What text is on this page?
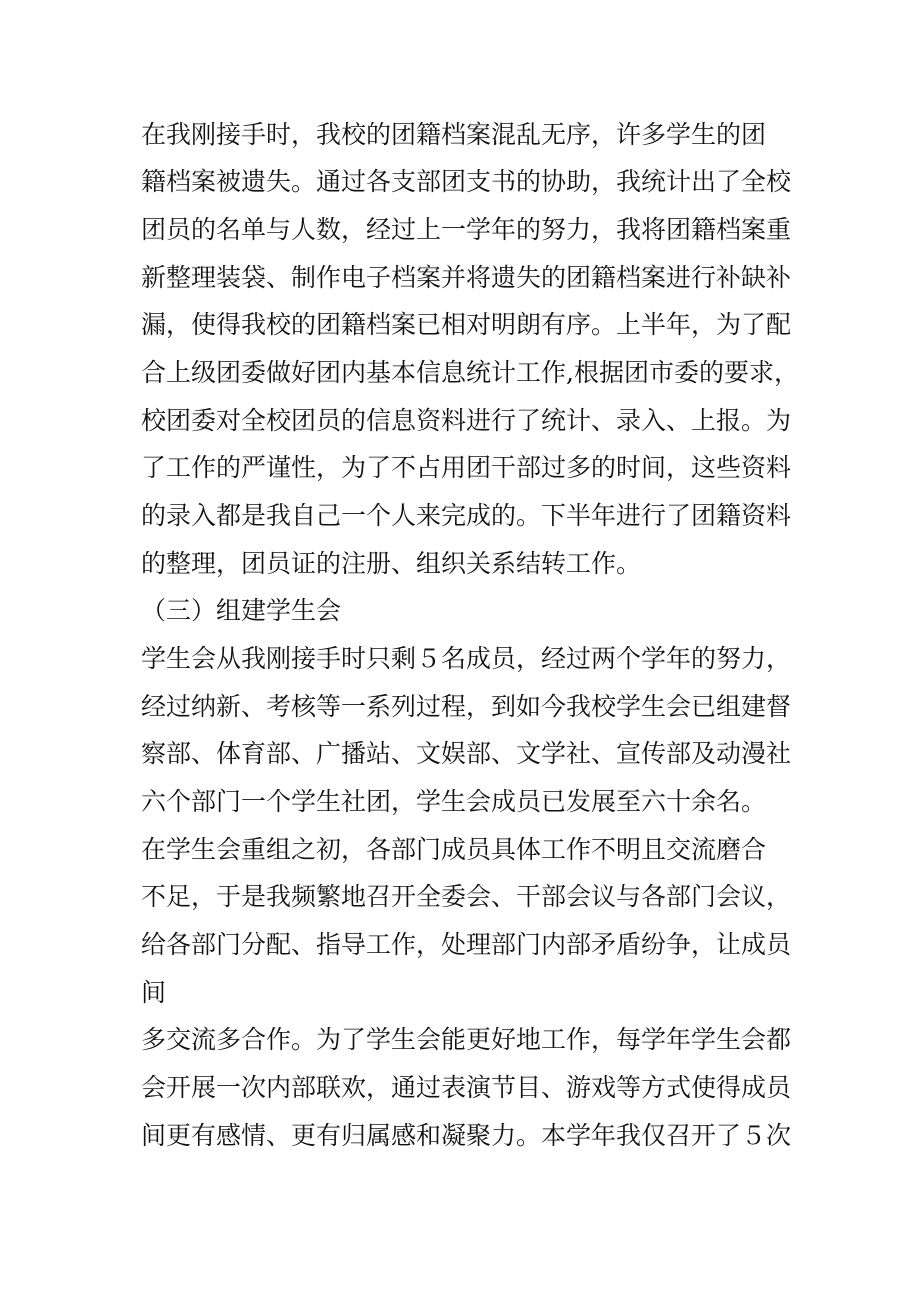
在我刚接手时，我校的团籍档案混乱无序，许多学生的团
籍档案被遗失。通过各支部团支书的协助，我统计出了全校
团员的名单与人数，经过上一学年的努力，我将团籍档案重
新整理装袋、制作电子档案并将遗失的团籍档案进行补缺补
漏，使得我校的团籍档案已相对明朗有序。上半年，为了配
合上级团委做好团内基本信息统计工作,根据团市委的要求，
校团委对全校团员的信息资料进行了统计、录入、上报。为
了工作的严谨性，为了不占用团干部过多的时间，这些资料
的录入都是我自己一个人来完成的。下半年进行了团籍资料
的整理，团员证的注册、组织关系结转工作。
（三）组建学生会
学生会从我刚接手时只剩５名成员，经过两个学年的努力，
经过纳新、考核等一系列过程，到如今我校学生会已组建督
察部、体育部、广播站、文娱部、文学社、宣传部及动漫社
六个部门一个学生社团，学生会成员已发展至六十余名。
在学生会重组之初，各部门成员具体工作不明且交流磨合
不足，于是我频繁地召开全委会、干部会议与各部门会议，
给各部门分配、指导工作，处理部门内部矛盾纷争，让成员
间
多交流多合作。为了学生会能更好地工作，每学年学生会都
会开展一次内部联欢，通过表演节目、游戏等方式使得成员
间更有感情、更有归属感和凝聚力。本学年我仅召开了５次
